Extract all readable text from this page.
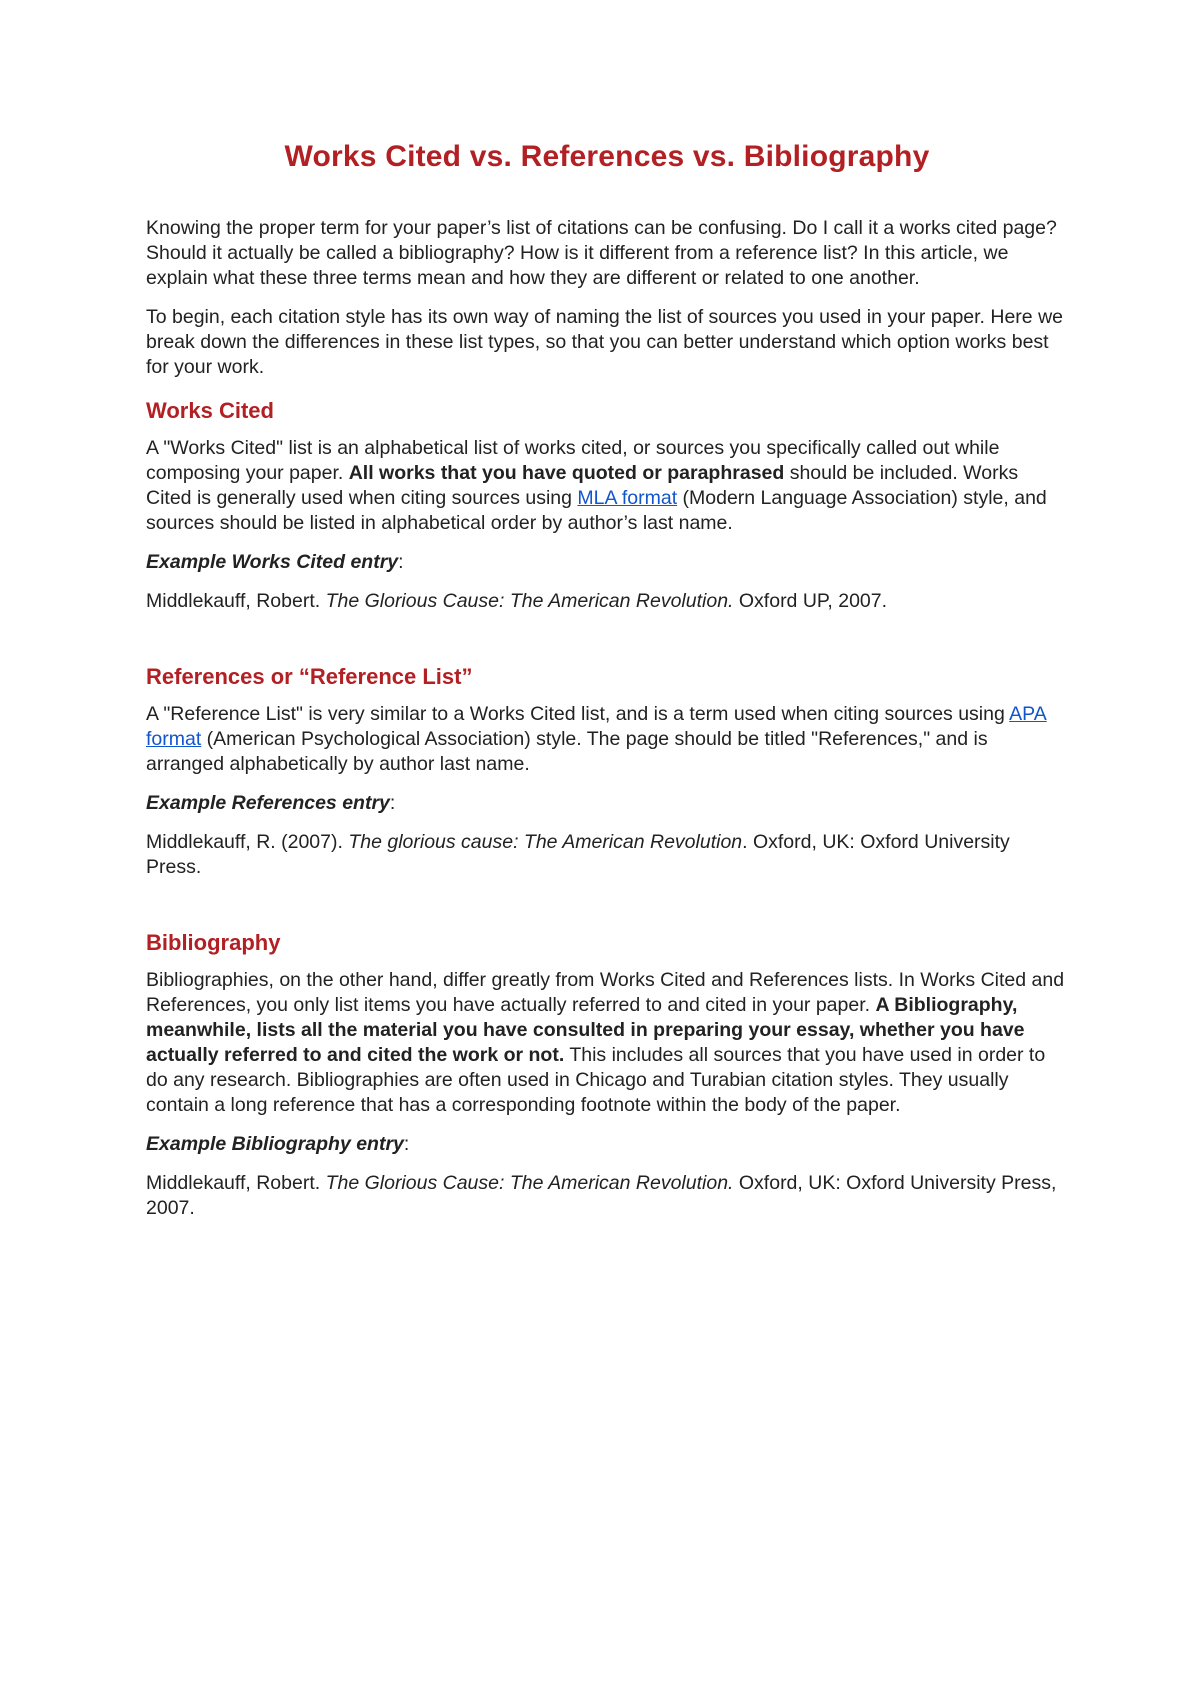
Works Cited vs. References vs. Bibliography

Knowing the proper term for your paper’s list of citations can be confusing. Do I call it a works cited page? Should it actually be called a bibliography? How is it different from a reference list? In this article, we explain what these three terms mean and how they are different or related to one another.

To begin, each citation style has its own way of naming the list of sources you used in your paper. Here we break down the differences in these list types, so that you can better understand which option works best for your work.

Works Cited

A "Works Cited" list is an alphabetical list of works cited, or sources you specifically called out while composing your paper. All works that you have quoted or paraphrased should be included. Works Cited is generally used when citing sources using MLA format (Modern Language Association) style, and sources should be listed in alphabetical order by author’s last name.

Example Works Cited entry:

Middlekauff, Robert. The Glorious Cause: The American Revolution. Oxford UP, 2007.

References or “Reference List”

A "Reference List" is very similar to a Works Cited list, and is a term used when citing sources using APA format (American Psychological Association) style. The page should be titled "References," and is arranged alphabetically by author last name.

Example References entry:

Middlekauff, R. (2007). The glorious cause: The American Revolution. Oxford, UK: Oxford University Press.

Bibliography

Bibliographies, on the other hand, differ greatly from Works Cited and References lists. In Works Cited and References, you only list items you have actually referred to and cited in your paper. A Bibliography, meanwhile, lists all the material you have consulted in preparing your essay, whether you have actually referred to and cited the work or not. This includes all sources that you have used in order to do any research. Bibliographies are often used in Chicago and Turabian citation styles. They usually contain a long reference that has a corresponding footnote within the body of the paper.

Example Bibliography entry:

Middlekauff, Robert. The Glorious Cause: The American Revolution. Oxford, UK: Oxford University Press, 2007.
